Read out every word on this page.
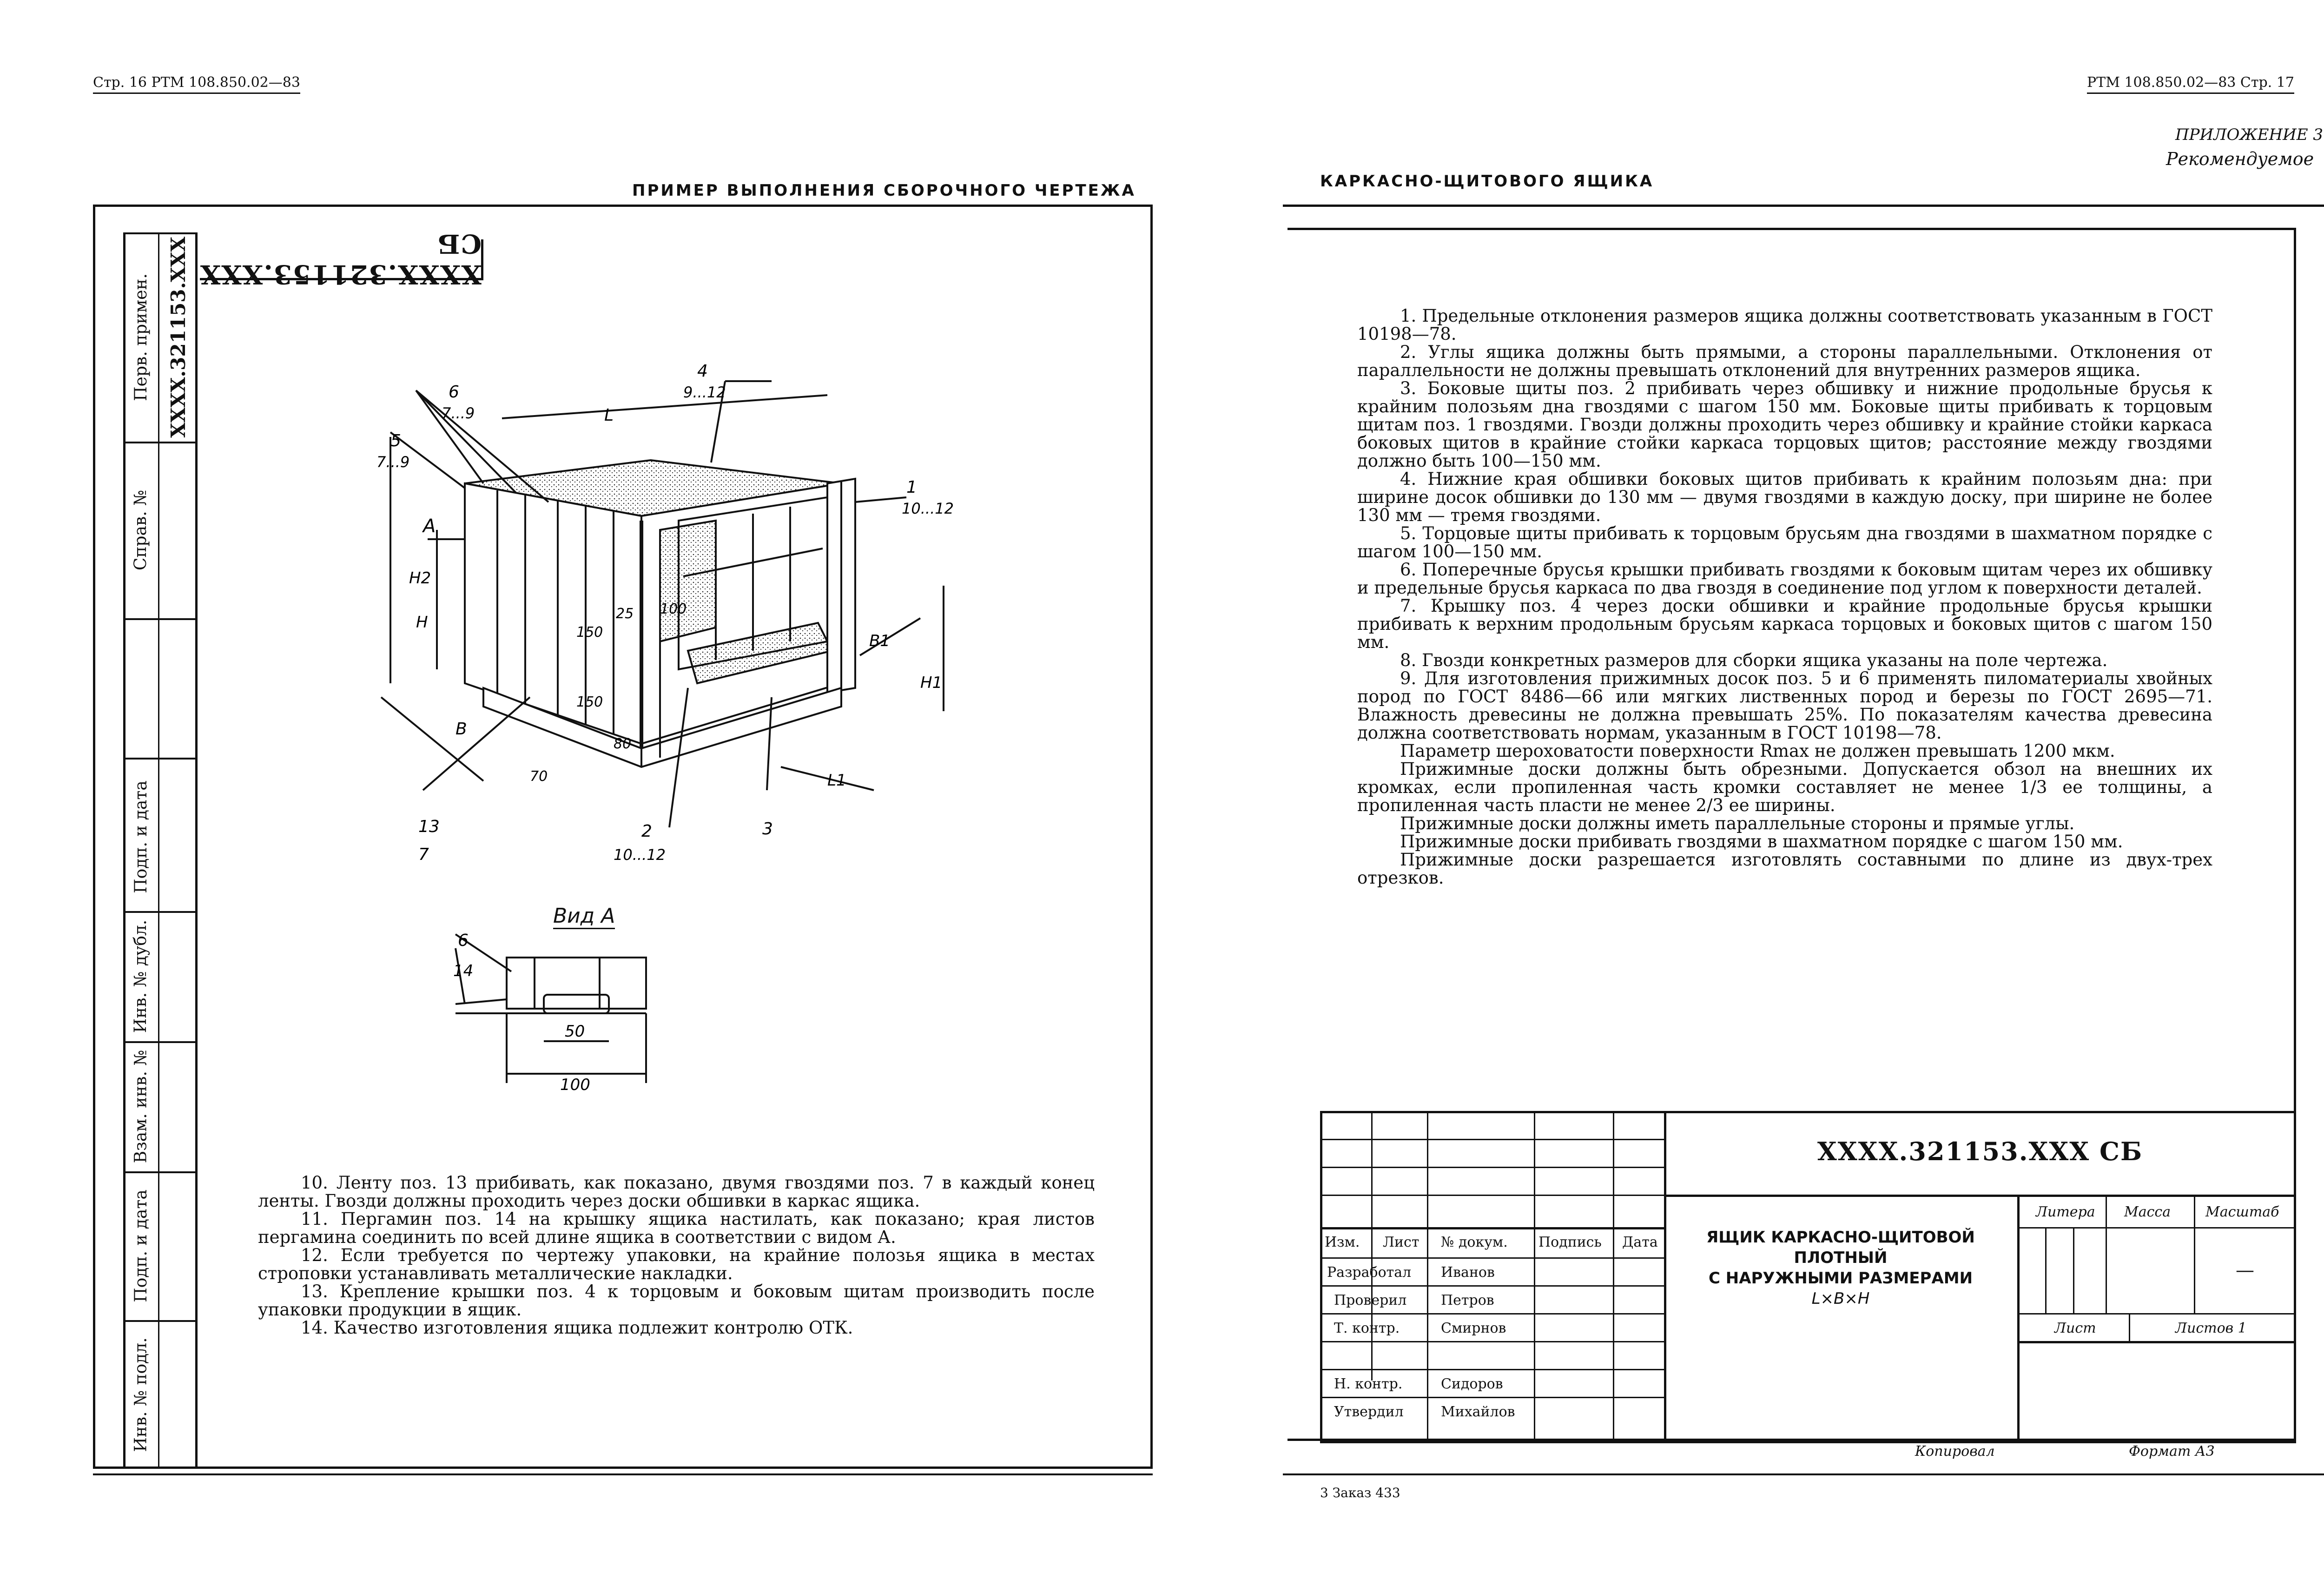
Стр. 16 РТМ 108.850.02—83
ПРИМЕР ВЫПОЛНЕНИЯ СБОРОЧНОГО ЧЕРТЕЖА
Перв. примен. XXXX.321153.XXX
Справ. №
Подп. и дата
Инв. № дубл.
Взам. инв. №
Подп. и дата
Инв. № подл.
XXXX.321153.XXX СБ
6
7...9
4
9...12
L
5
7...9
1
10...12
A
H2
H	25
150
100
150
B1
H1
80
B
70	L1
13
7
2
10...12
3
Вид А
6
14
50
100

10. Ленту поз. 13 прибивать, как показано, двумя гвоздями поз. 7 в каждый конец ленты. Гвозди должны проходить через доски обшивки в каркас ящика.

11. Пергамин поз. 14 на крышку ящика настилать, как показано; края листов пергамина соединить по всей длине ящика в соответствии с видом А.

12. Если требуется по чертежу упаковки, на крайние полозья ящика в местах строповки устанавливать металлические накладки.

13. Крепление крышки поз. 4 к торцовым и боковым щитам производить после упаковки продукции в ящик.

14. Качество изготовления ящика подлежит контролю ОТК.

РТМ 108.850.02—83 Стр. 17
ПРИЛОЖЕНИЕ 3
Рекомендуемое
КАРКАСНО-ЩИТОВОГО ЯЩИКА

1. Предельные отклонения размеров ящика должны соответствовать указанным в ГОСТ 10198—78.

2. Углы ящика должны быть прямыми, а стороны параллельными. Отклонения от параллельности не должны превышать отклонений для внутренних размеров ящика.

3. Боковые щиты поз. 2 прибивать через обшивку и нижние продольные брусья к крайним полозьям дна гвоздями с шагом 150 мм. Боковые щиты прибивать к торцовым щитам поз. 1 гвоздями. Гвозди должны проходить через обшивку и крайние стойки каркаса боковых щитов в крайние стойки каркаса торцовых щитов; расстояние между гвоздями должно быть 100—150 мм.

4. Нижние края обшивки боковых щитов прибивать к крайним полозьям дна: при ширине досок обшивки до 130 мм — двумя гвоздями в каждую доску, при ширине не более 130 мм — тремя гвоздями.

5. Торцовые щиты прибивать к торцовым брусьям дна гвоздями в шахматном порядке с шагом 100—150 мм.

6. Поперечные брусья крышки прибивать гвоздями к боковым щитам через их обшивку и предельные брусья каркаса по два гвоздя в соединение под углом к поверхности деталей.

7. Крышку поз. 4 через доски обшивки и крайние продольные брусья крышки прибивать к верхним продольным брусьям каркаса торцовых и боковых щитов с шагом 150 мм.

8. Гвозди конкретных размеров для сборки ящика указаны на поле чертежа.

9. Для изготовления прижимных досок поз. 5 и 6 применять пиломатериалы хвойных пород по ГОСТ 8486—66 или мягких лиственных пород и березы по ГОСТ 2695—71. Влажность древесины не должна превышать 25%. По показателям качества древесина должна соответствовать нормам, указанным в ГОСТ 10198—78.

Параметр шероховатости поверхности Rmax не должен превышать 1200 мкм.

Прижимные доски должны быть обрезными. Допускается обзол на внешних их кромках, если пропиленная часть кромки составляет не менее 1/3 ее толщины, а пропиленная часть пласти не менее 2/3 ее ширины.

Прижимные доски должны иметь параллельные стороны и прямые углы.

Прижимные доски прибивать гвоздями в шахматном порядке с шагом 150 мм.

Прижимные доски разрешается изготовлять составными по длине из двух-трех отрезков.

XXXX.321153.XXX СБ
Изм. Лист № докум. Подпись Дата
Разработал Иванов
Проверил Петров
Т. контр.	Смирнов
Н. контр.	Сидоров
Утвердил	Михайлов
ЯЩИК КАРКАСНО-ЩИТОВОЙ
ПЛОТНЫЙ
С НАРУЖНЫМИ РАЗМЕРАМИ
L×B×H
Литера Масса Масштаб
—
Лист	Листов 1
Копировал	Формат А3
3 Заказ 433
